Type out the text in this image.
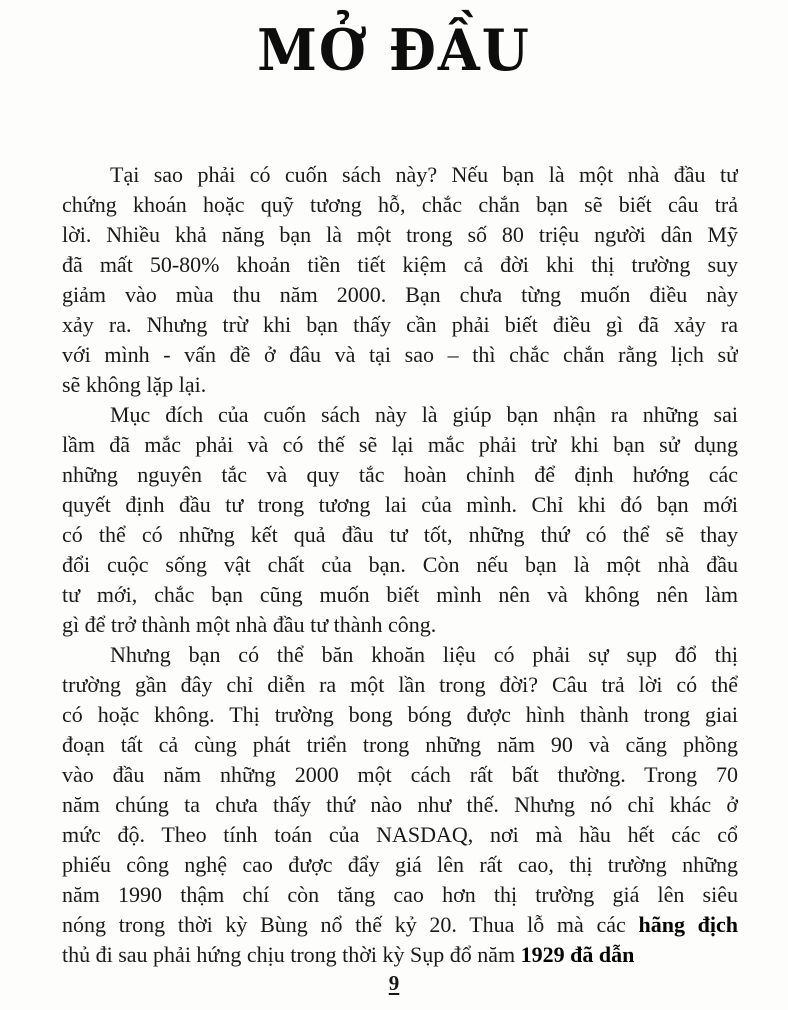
MỞ ĐẦU
Tại sao phải có cuốn sách này? Nếu bạn là một nhà đầu tư
chứng khoán hoặc quỹ tương hỗ, chắc chắn bạn sẽ biết câu trả
lời. Nhiều khả năng bạn là một trong số 80 triệu người dân Mỹ
đã mất 50-80% khoản tiền tiết kiệm cả đời khi thị trường suy
giảm vào mùa thu năm 2000. Bạn chưa từng muốn điều này
xảy ra. Nhưng trừ khi bạn thấy cần phải biết điều gì đã xảy ra
với mình - vấn đề ở đâu và tại sao – thì chắc chắn rằng lịch sử
sẽ không lặp lại.
Mục đích của cuốn sách này là giúp bạn nhận ra những sai
lầm đã mắc phải và có thế sẽ lại mắc phải trừ khi bạn sử dụng
những nguyên tắc và quy tắc hoàn chỉnh để định hướng các
quyết định đầu tư trong tương lai của mình. Chỉ khi đó bạn mới
có thể có những kết quả đầu tư tốt, những thứ có thể sẽ thay
đổi cuộc sống vật chất của bạn. Còn nếu bạn là một nhà đầu
tư mới, chắc bạn cũng muốn biết mình nên và không nên làm
gì để trở thành một nhà đầu tư thành công.
Nhưng bạn có thể băn khoăn liệu có phải sự sụp đổ thị
trường gần đây chỉ diễn ra một lần trong đời? Câu trả lời có thể
có hoặc không. Thị trường bong bóng được hình thành trong giai
đoạn tất cả cùng phát triển trong những năm 90 và căng phồng
vào đầu năm những 2000 một cách rất bất thường. Trong 70
năm chúng ta chưa thấy thứ nào như thế. Nhưng nó chỉ khác ở
mức độ. Theo tính toán của NASDAQ, nơi mà hầu hết các cổ
phiếu công nghệ cao được đẩy giá lên rất cao, thị trường những
năm 1990 thậm chí còn tăng cao hơn thị trường giá lên siêu
nóng trong thời kỳ Bùng nổ thế kỷ 20. Thua lỗ mà các hãng địch
thủ đi sau phải hứng chịu trong thời kỳ Sụp đổ năm 1929 đã dẫn
9
